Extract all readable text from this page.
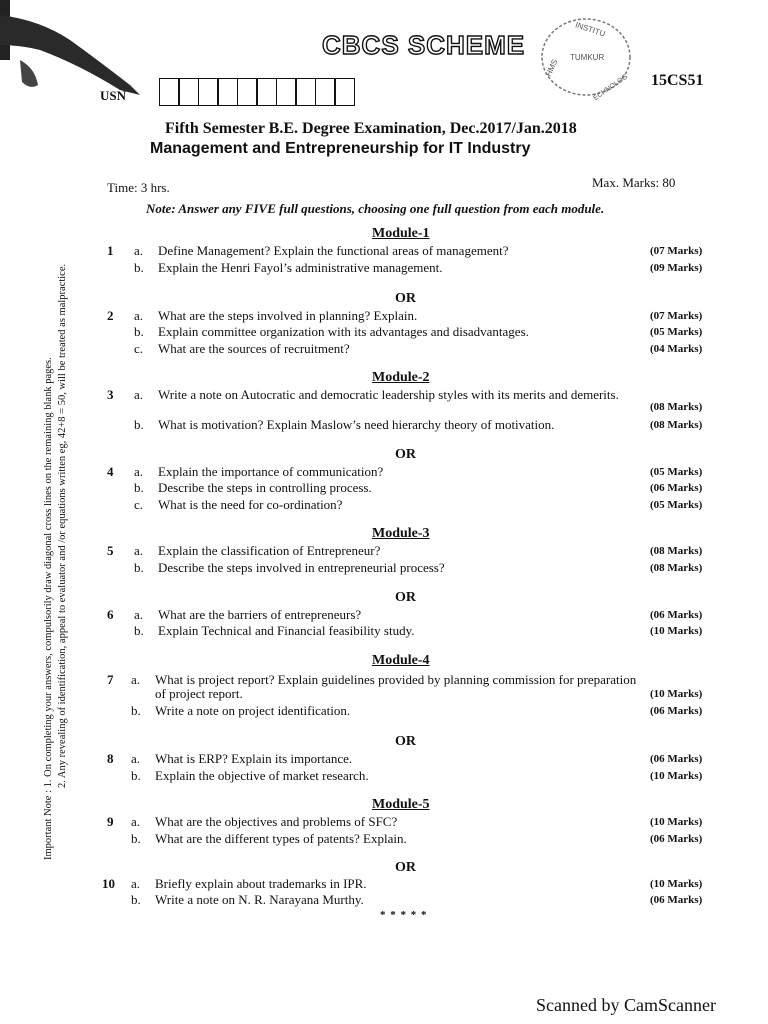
CBCS SCHEME
INSTITU
HMS
TUMKUR
ECHNOLOG
USN
15CS51
Fifth Semester B.E. Degree Examination, Dec.2017/Jan.2018
Management and Entrepreneurship for IT Industry
Time: 3 hrs.	Max. Marks: 80
Note: Answer any FIVE full questions, choosing one full question from each module.
Important Note : 1. On completing your answers, compulsorily draw diagonal cross lines on the remaining blank pages. 2. Any revealing of identification, appeal to evaluator and /or equations written eg, 42+8 = 50, will be treated as malpractice.
Module-1
1 a. Define Management? Explain the functional areas of management?	(07 Marks)
b. Explain the Henri Fayol’s administrative management.	(09 Marks)
OR
2 a. What are the steps involved in planning? Explain.	(07 Marks)
b. Explain committee organization with its advantages and disadvantages.	(05 Marks)
c. What are the sources of recruitment?	(04 Marks)
Module-2
3 a. Write a note on Autocratic and democratic leadership styles with its merits and demerits.
(08 Marks)
b. What is motivation? Explain Maslow’s need hierarchy theory of motivation.	(08 Marks)
OR
4 a. Explain the importance of communication?	(05 Marks)
b. Describe the steps in controlling process.	(06 Marks)
c. What is the need for co-ordination?	(05 Marks)
Module-3
5 a. Explain the classification of Entrepreneur?	(08 Marks)
b. Describe the steps involved in entrepreneurial process?	(08 Marks)
OR
6 a. What are the barriers of entrepreneurs?	(06 Marks)
b. Explain Technical and Financial feasibility study.	(10 Marks)
Module-4
7 a. What is project report? Explain guidelines provided by planning commission for preparation
of project report.	(10 Marks)
b. Write a note on project identification.	(06 Marks)
OR
8 a. What is ERP? Explain its importance.	(06 Marks)
b. Explain the objective of market research.	(10 Marks)
Module-5
9 a. What are the objectives and problems of SFC?	(10 Marks)
b. What are the different types of patents? Explain.	(06 Marks)
OR
10 a. Briefly explain about trademarks in IPR.	(10 Marks)
b. Write a note on N. R. Narayana Murthy.	(06 Marks)
* * * * *
Scanned by CamScanner
